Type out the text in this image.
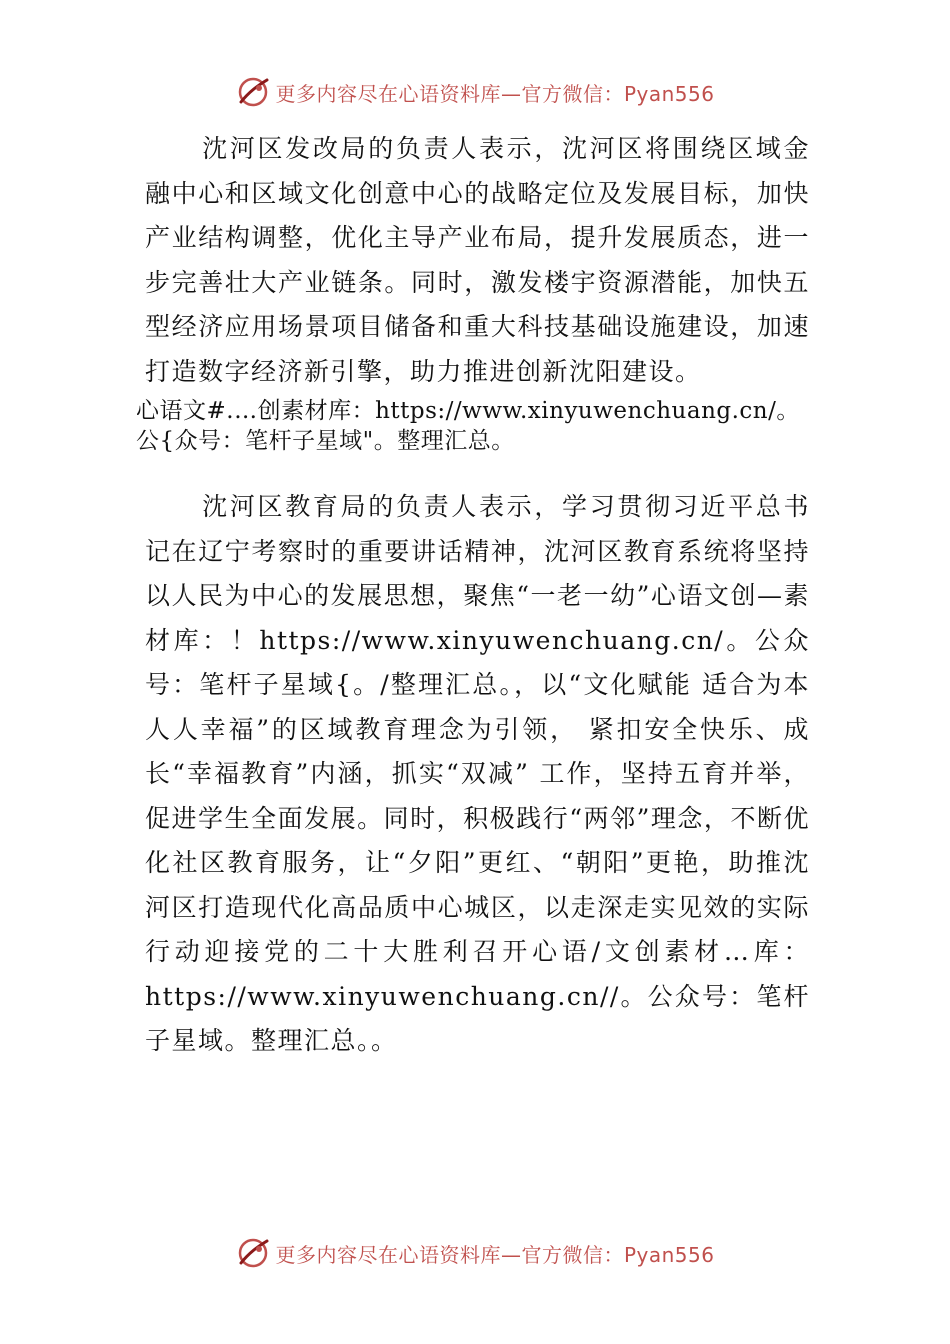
更多内容尽在心语资料库—官方微信：Pyan556

沈河区发改局的负责人表示，沈河区将围绕区域金融中心和区域文化创意中心的战略定位及发展目标，加快产业结构调整，优化主导产业布局，提升发展质态，进一步完善壮大产业链条。同时，激发楼宇资源潜能，加快五型经济应用场景项目储备和重大科技基础设施建设，加速打造数字经济新引擎，助力推进创新沈阳建设。

心语文#.…创素材库：https://www.xinyuwenchuang.cn/。公{众号：笔杆子星域"。整理汇总。

沈河区教育局的负责人表示，学习贯彻习近平总书记在辽宁考察时的重要讲话精神，沈河区教育系统将坚持以人民为中心的发展思想，聚焦“一老一幼”心语文创—素材库：！https://www.xinyuwenchuang.cn/。公众号：笔杆子星域{。/整理汇总。，以“文化赋能 适合为本 人人幸福”的区域教育理念为引领， 紧扣安全快乐、成长“幸福教育”内涵，抓实“双减” 工作，坚持五育并举，促进学生全面发展。同时，积极践行“两邻”理念，不断优化社区教育服务，让“夕阳”更红、“朝阳”更艳，助推沈河区打造现代化高品质中心城区，以走深走实见效的实际行动迎接党的二十大胜利召开心语/文创素材…库：https://www.xinyuwenchuang.cn//。公众号：笔杆子星域。整理汇总。。

更多内容尽在心语资料库—官方微信：Pyan556
